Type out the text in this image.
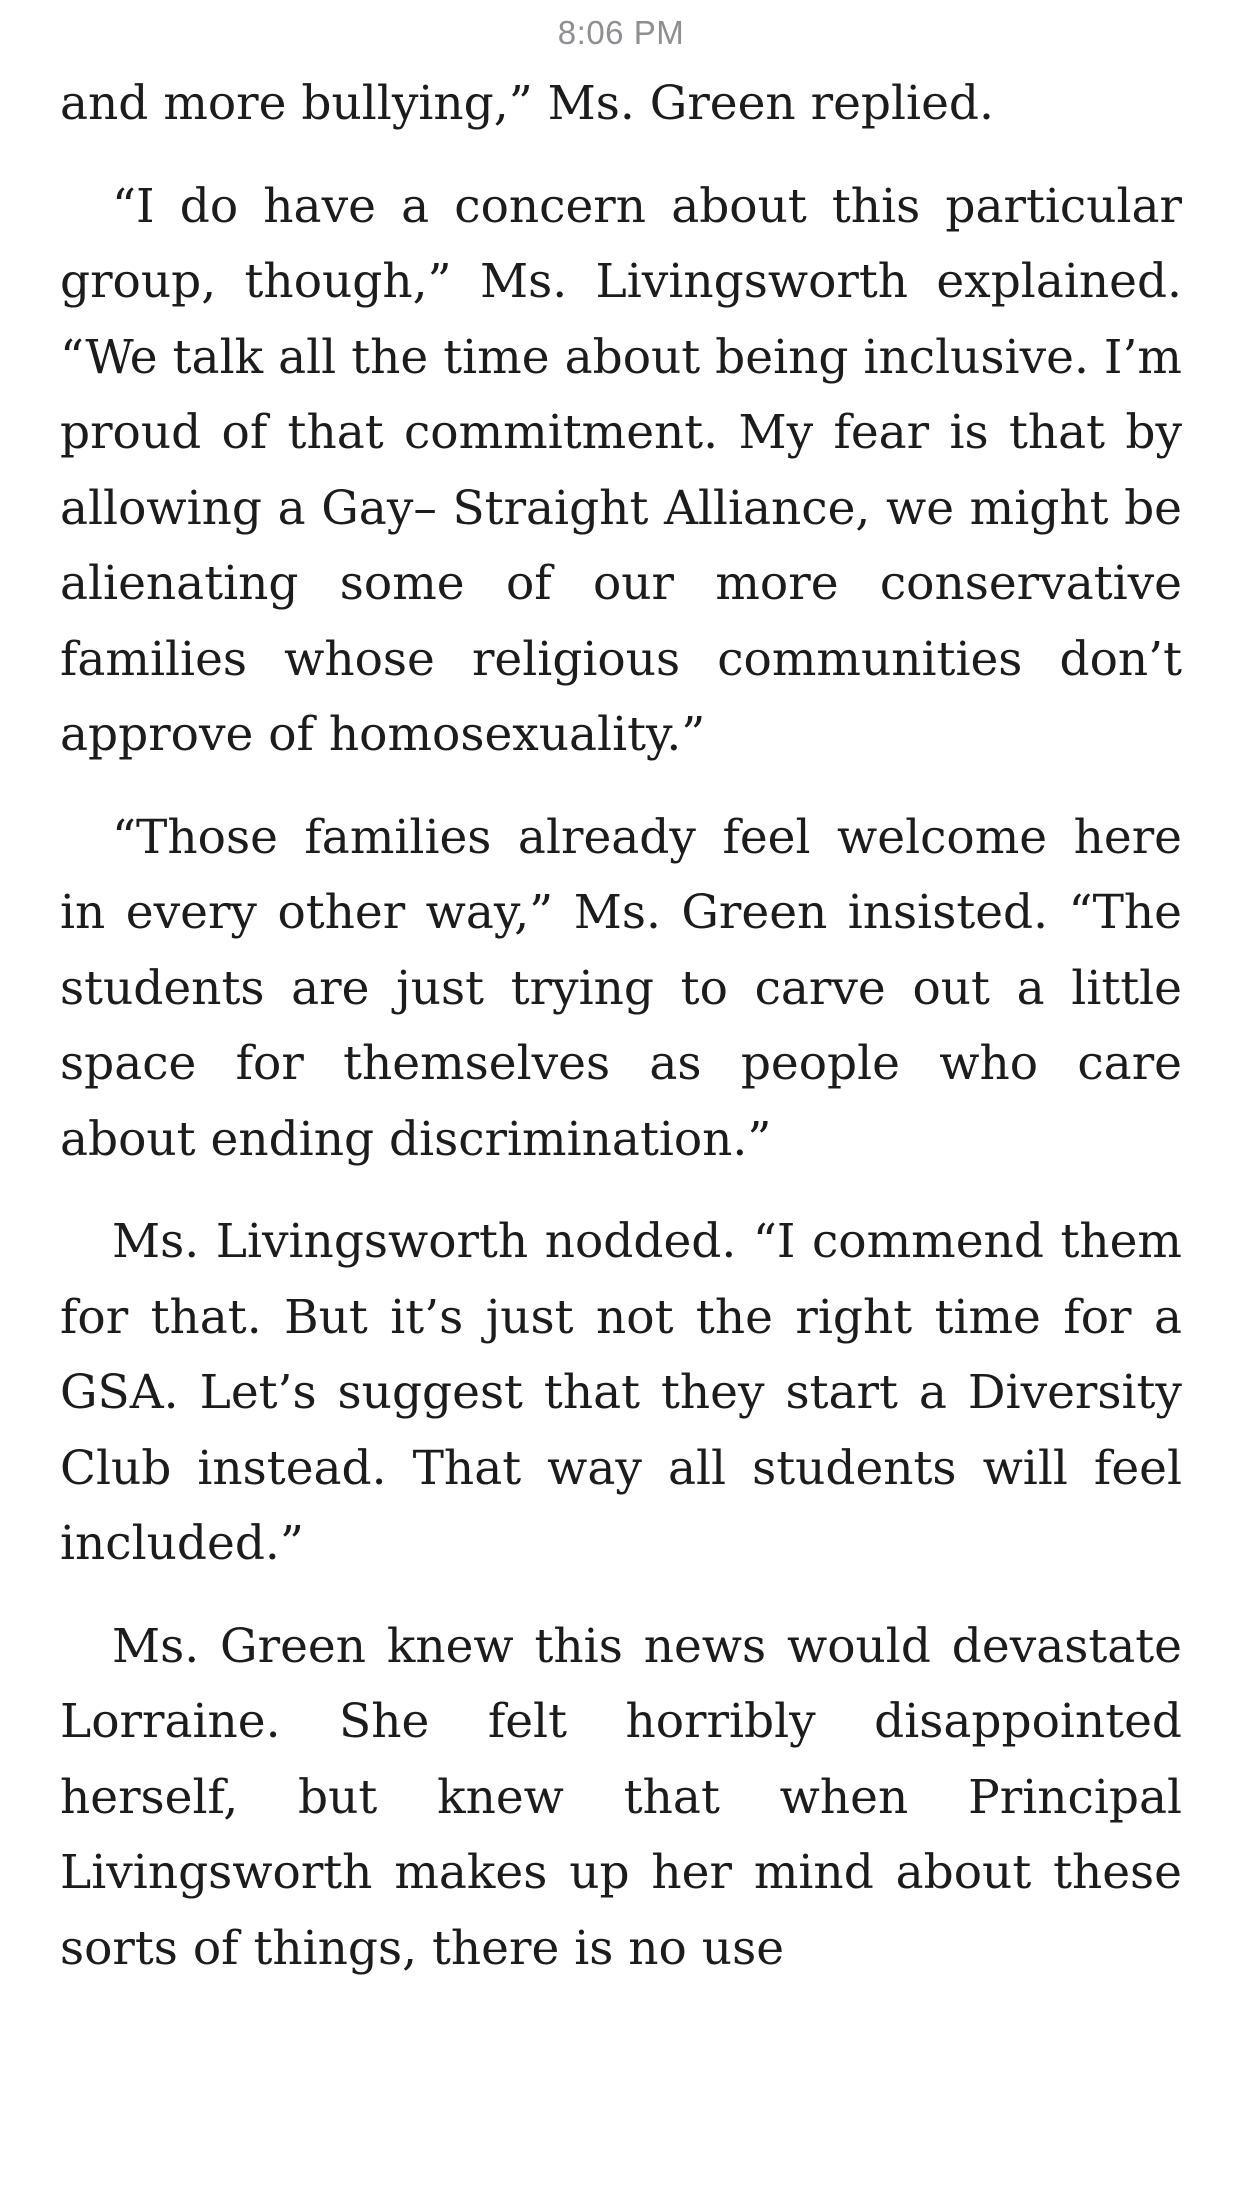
8:06 PM

and more bullying,” Ms. Green replied.

“I do have a concern about this particular group, though,” Ms. Livingsworth explained. “We talk all the time about being inclusive. I’m proud of that commitment. My fear is that by allowing a Gay– Straight Alliance, we might be alienating some of our more conservative families whose religious communities don’t approve of homosexuality.”

“Those families already feel welcome here in every other way,” Ms. Green insisted. “The students are just trying to carve out a little space for themselves as people who care about ending discrimination.”

Ms. Livingsworth nodded. “I commend them for that. But it’s just not the right time for a GSA. Let’s suggest that they start a Diversity Club instead. That way all students will feel included.”

Ms. Green knew this news would devastate Lorraine. She felt horribly disappointed herself, but knew that when Principal Livingsworth makes up her mind about these sorts of things, there is no use
